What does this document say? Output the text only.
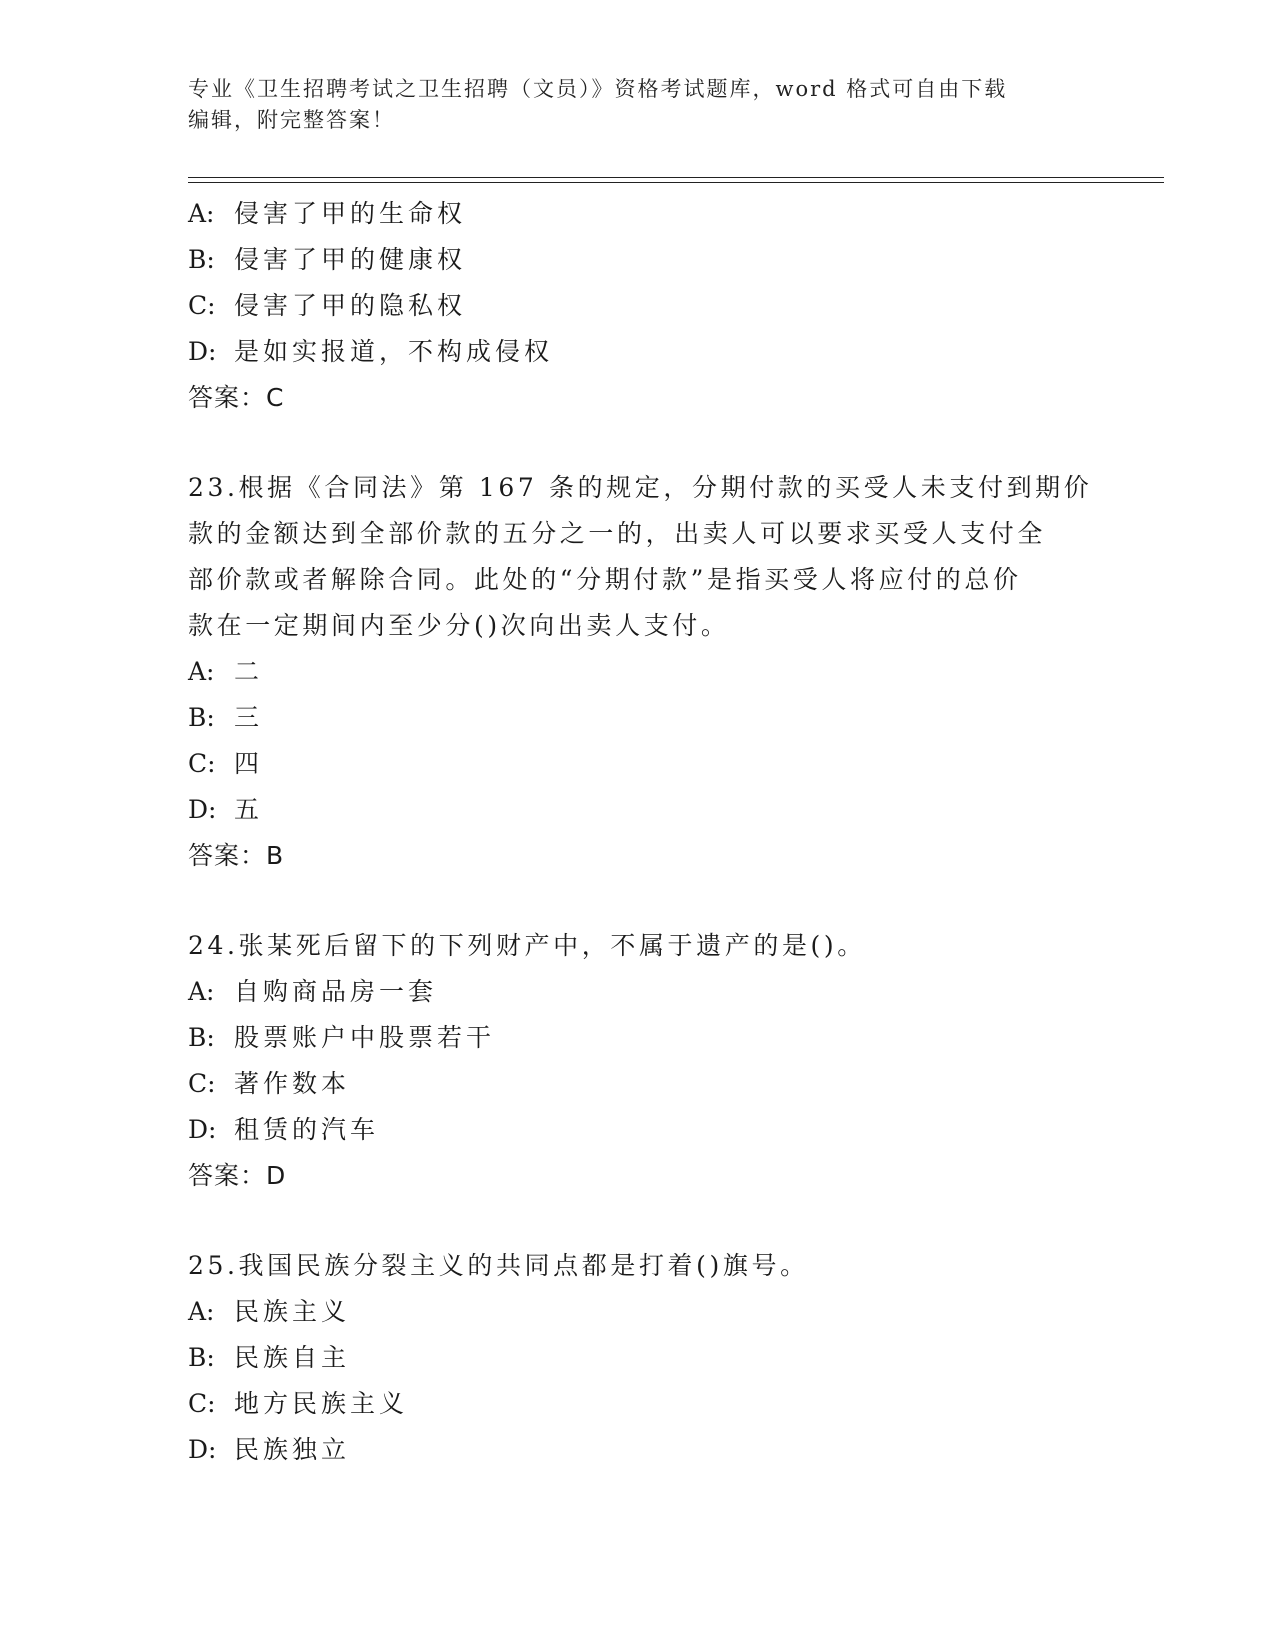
专业《卫生招聘考试之卫生招聘（文员）》资格考试题库，word 格式可自由下载
编辑，附完整答案！
A: 侵害了甲的生命权
B: 侵害了甲的健康权
C: 侵害了甲的隐私权
D: 是如实报道，不构成侵权
答案：C
23.根据《合同法》第 167 条的规定，分期付款的买受人未支付到期价
款的金额达到全部价款的五分之一的，出卖人可以要求买受人支付全
部价款或者解除合同。此处的“分期付款”是指买受人将应付的总价
款在一定期间内至少分()次向出卖人支付。
A: 二
B: 三
C: 四
D: 五
答案：B
24.张某死后留下的下列财产中，不属于遗产的是()。
A: 自购商品房一套
B: 股票账户中股票若干
C: 著作数本
D: 租赁的汽车
答案：D
25.我国民族分裂主义的共同点都是打着()旗号。
A: 民族主义
B: 民族自主
C: 地方民族主义
D: 民族独立
